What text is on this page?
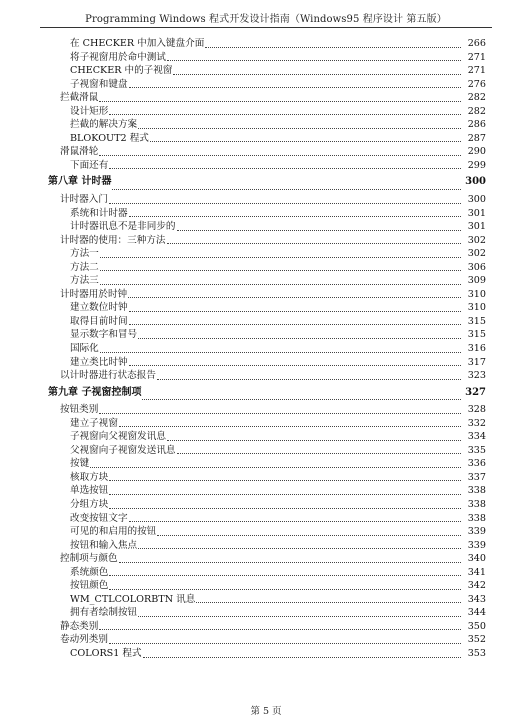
Programming Windows 程式开发设计指南（Windows95 程序设计 第五版）
在 CHECKER 中加入键盘介面	266
将子视窗用於命中测试	271
CHECKER 中的子视窗	271
子视窗和键盘	276
拦截滑鼠	282
设计矩形	282
拦截的解决方案	286
BLOKOUT2 程式	287
滑鼠滑轮	290
下面还有	299
第八章 计时器	300
计时器入门	300
系统和计时器	301
计时器讯息不是非同步的	301
计时器的使用：三种方法	302
方法一	302
方法二	306
方法三	309
计时器用於时钟	310
建立数位时钟	310
取得目前时间	315
显示数字和冒号	315
国际化	316
建立类比时钟	317
以计时器进行状态报告	323
第九章 子视窗控制项	327
按钮类别	328
建立子视窗	332
子视窗向父视窗发讯息	334
父视窗向子视窗发送讯息	335
按键	336
核取方块	337
单选按钮	338
分组方块	338
改变按钮文字	338
可见的和启用的按钮	339
按钮和输入焦点	339
控制项与颜色	340
系统颜色	341
按钮颜色	342
WM_CTLCOLORBTN 讯息	343
拥有者绘制按钮	344
静态类别	350
卷动列类别	352
COLORS1 程式	353
第 5 页
